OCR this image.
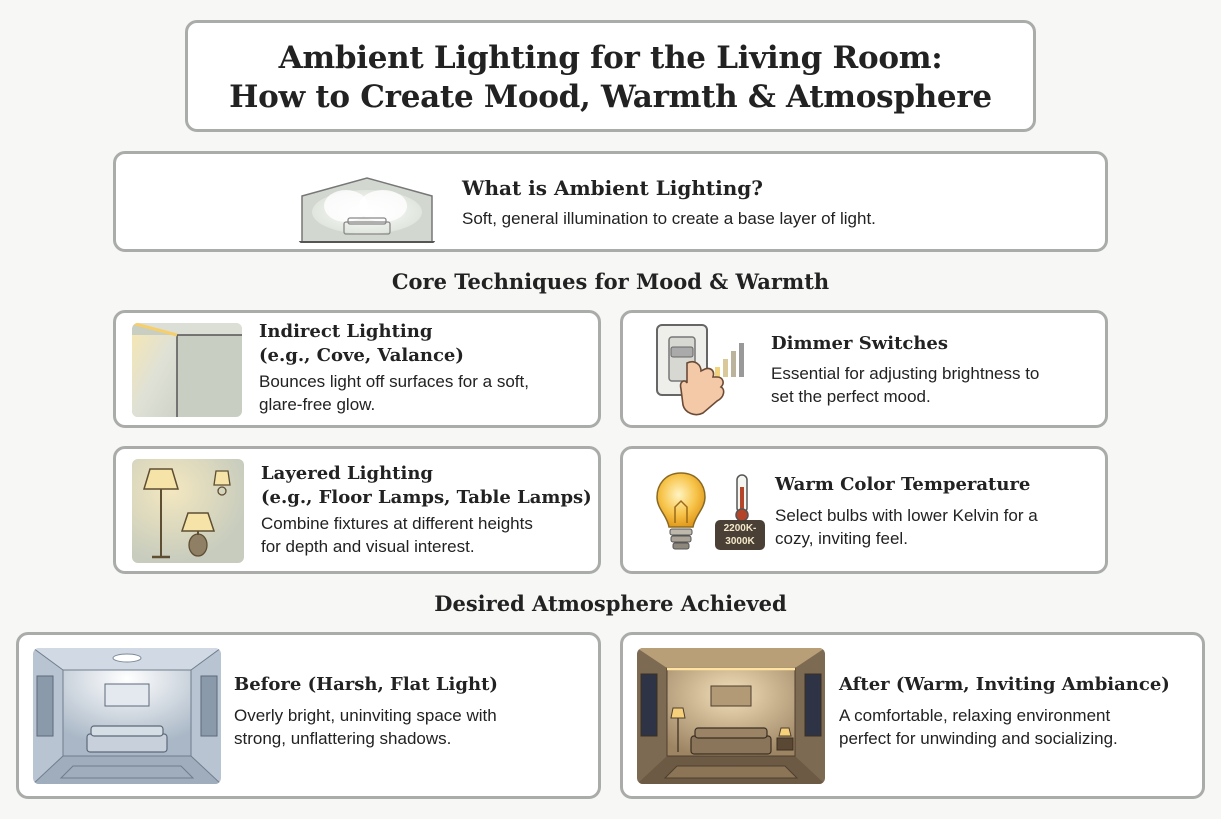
Ambient Lighting for the Living Room:
How to Create Mood, Warmth & Atmosphere
What is Ambient Lighting?
Soft, general illumination to create a base layer of light.
Core Techniques for Mood & Warmth
Indirect Lighting
(e.g., Cove, Valance)
Bounces light off surfaces for a soft,
glare-free glow.
Dimmer Switches
Essential for adjusting brightness to
set the perfect mood.
Layered Lighting
(e.g., Floor Lamps, Table Lamps)
Combine fixtures at different heights
for depth and visual interest.
2200K-
3000K
Warm Color Temperature
Select bulbs with lower Kelvin for a
cozy, inviting feel.
Desired Atmosphere Achieved
Before (Harsh, Flat Light)
Overly bright, uninviting space with
strong, unflattering shadows.
After (Warm, Inviting Ambiance)
A comfortable, relaxing environment
perfect for unwinding and socializing.
